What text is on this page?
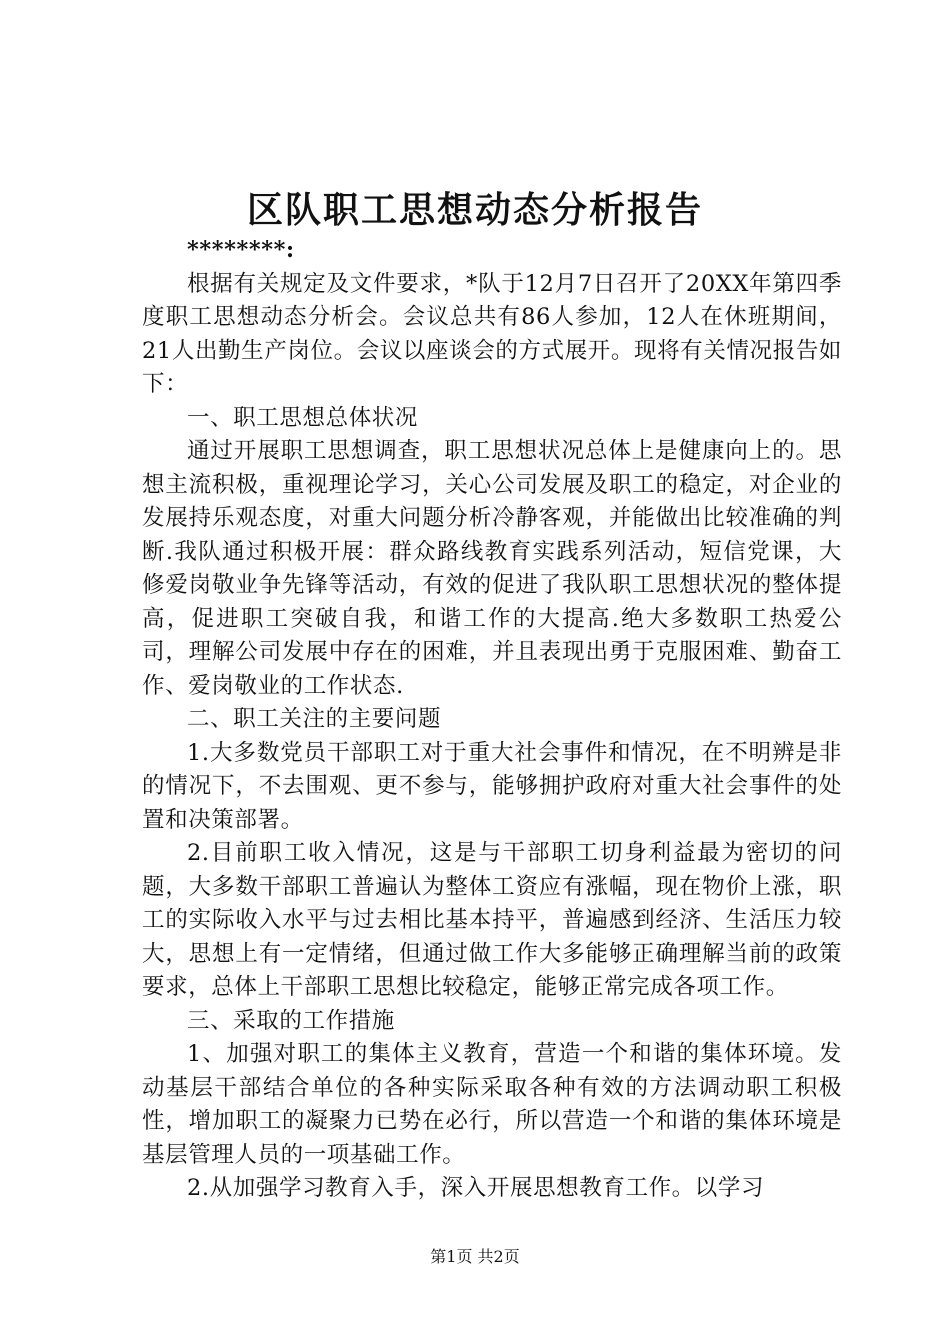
区队职工思想动态分析报告

********:

根据有关规定及文件要求，*队于12月7日召开了20XX年第四季度职工思想动态分析会。会议总共有86人参加，12人在休班期间，21人出勤生产岗位。会议以座谈会的方式展开。现将有关情况报告如下：

一、职工思想总体状况

通过开展职工思想调查，职工思想状况总体上是健康向上的。思想主流积极，重视理论学习，关心公司发展及职工的稳定，对企业的发展持乐观态度，对重大问题分析冷静客观，并能做出比较准确的判断.我队通过积极开展：群众路线教育实践系列活动，短信党课，大修爱岗敬业争先锋等活动，有效的促进了我队职工思想状况的整体提高，促进职工突破自我，和谐工作的大提高.绝大多数职工热爱公司，理解公司发展中存在的困难，并且表现出勇于克服困难、勤奋工作、爱岗敬业的工作状态.

二、职工关注的主要问题

1.大多数党员干部职工对于重大社会事件和情况，在不明辨是非的情况下，不去围观、更不参与，能够拥护政府对重大社会事件的处置和决策部署。

2.目前职工收入情况，这是与干部职工切身利益最为密切的问题，大多数干部职工普遍认为整体工资应有涨幅，现在物价上涨，职工的实际收入水平与过去相比基本持平，普遍感到经济、生活压力较大，思想上有一定情绪，但通过做工作大多能够正确理解当前的政策要求，总体上干部职工思想比较稳定，能够正常完成各项工作。

三、采取的工作措施

1、加强对职工的集体主义教育，营造一个和谐的集体环境。发动基层干部结合单位的各种实际采取各种有效的方法调动职工积极性，增加职工的凝聚力已势在必行，所以营造一个和谐的集体环境是基层管理人员的一项基础工作。

2.从加强学习教育入手，深入开展思想教育工作。以学习

第1页 共2页
